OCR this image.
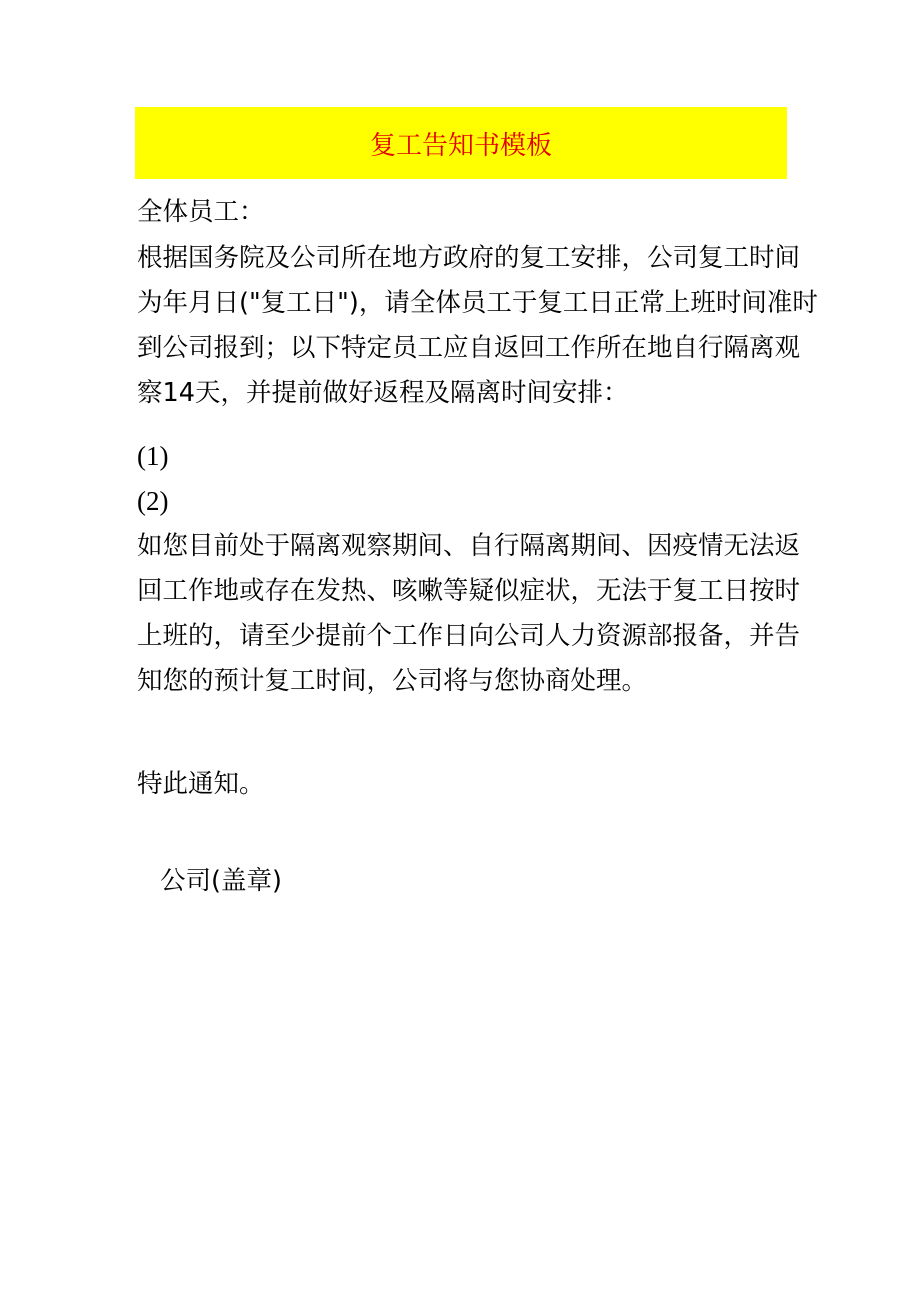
复工告知书模板
全体员工：
根据国务院及公司所在地方政府的复工安排，公司复工时间
为年月日("复工日")，请全体员工于复工日正常上班时间准时
到公司报到；以下特定员工应自返回工作所在地自行隔离观
察14天，并提前做好返程及隔离时间安排：
(1)
(2)
如您目前处于隔离观察期间、自行隔离期间、因疫情无法返
回工作地或存在发热、咳嗽等疑似症状，无法于复工日按时
上班的，请至少提前个工作日向公司人力资源部报备，并告
知您的预计复工时间，公司将与您协商处理。
特此通知。
公司(盖章)
